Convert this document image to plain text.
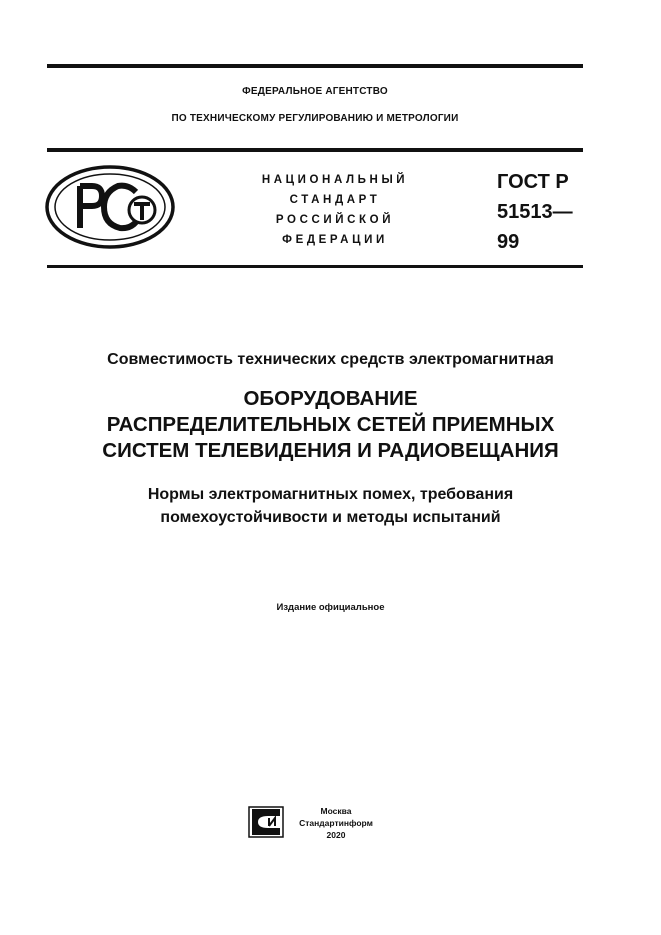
ФЕДЕРАЛЬНОЕ АГЕНТСТВО
ПО ТЕХНИЧЕСКОМУ РЕГУЛИРОВАНИЮ И МЕТРОЛОГИИ
НАЦИОНАЛЬНЫЙ
СТАНДАРТ
РОССИЙСКОЙ
ФЕДЕРАЦИИ
ГОСТ Р
51513—
99
Совместимость технических средств электромагнитная
ОБОРУДОВАНИЕ
РАСПРЕДЕЛИТЕЛЬНЫХ СЕТЕЙ ПРИЕМНЫХ
СИСТЕМ ТЕЛЕВИДЕНИЯ И РАДИОВЕЩАНИЯ
Нормы электромагнитных помех, требования
помехоустойчивости и методы испытаний
Издание официальное
Москва
Стандартинформ
2020
